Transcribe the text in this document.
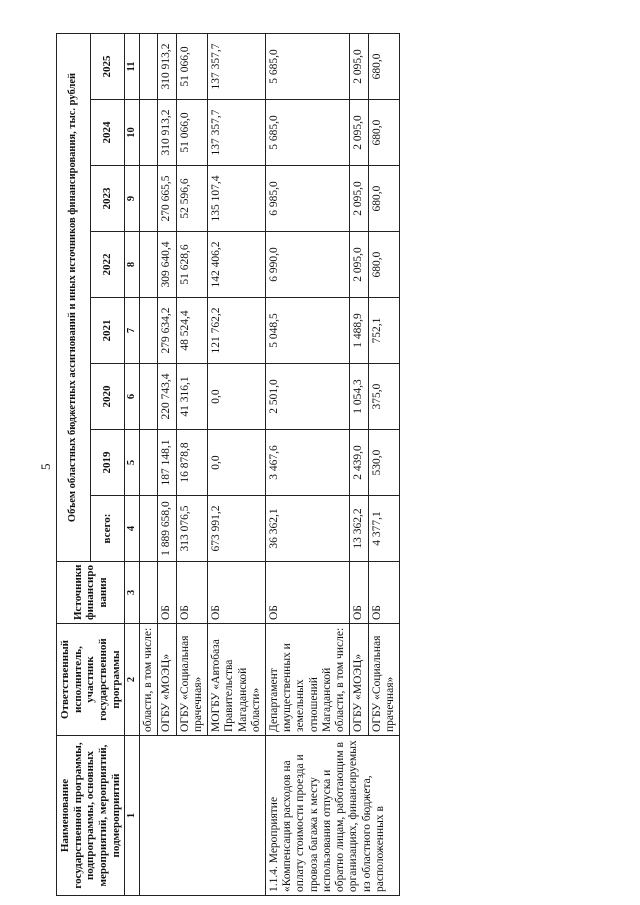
5
Наименование государственной программы, подпрограммы, основных мероприятий, мероприятий, подмероприятий	Ответственный исполнитель, участник государственной программы	Источники финансиро вания	Объем областных бюджетных ассигнований и иных источников финансирования, тыс. рублей							
			всего:	2019	2020	2021	2022	2023	2024	2025
1	2	3	4	5	6	7	8	9	10	11
	области, в том числе:									
	ОГБУ «МОЭЦ»	ОБ	1 889 658,0	187 148,1	220 743,4	279 634,2	309 640,4	270 665,5	310 913,2	310 913,2
	ОГБУ «Социальная прачечная»	ОБ	313 076,5	16 878,8	41 316,1	48 524,4	51 628,6	52 596,6	51 066,0	51 066,0
	МОГБУ «Автобаза Правительства Магаданской области»	ОБ	673 991,2	0,0	0,0	121 762,2	142 406,2	135 107,4	137 357,7	137 357,7
1.1.4. Мероприятие «Компенсация расходов на оплату стоимости проезда и провоза багажа к месту использования отпуска и обратно лицам, работающим в организациях, финансируемых из областного бюджета, расположенных в	Департамент имущественных и земельных отношений Магаданской области, в том числе:	ОБ	36 362,1	3 467,6	2 501,0	5 048,5	6 990,0	6 985,0	5 685,0	5 685,0
	ОГБУ «МОЭЦ»	ОБ	13 362,2	2 439,0	1 054,3	1 488,9	2 095,0	2 095,0	2 095,0	2 095,0
	ОГБУ «Социальная прачечная»	ОБ	4 377,1	530,0	375,0	752,1	680,0	680,0	680,0	680,0
